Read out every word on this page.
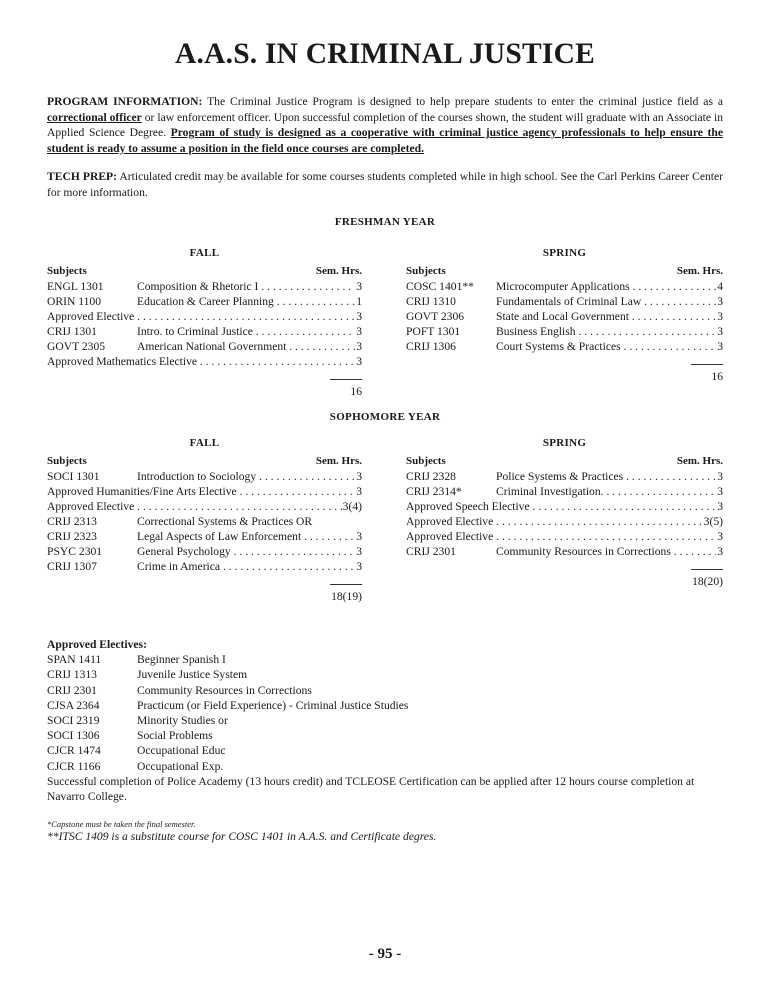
A.A.S. IN CRIMINAL JUSTICE
PROGRAM INFORMATION: The Criminal Justice Program is designed to help prepare students to enter the criminal justice field as a correctional officer or law enforcement officer. Upon successful completion of the courses shown, the student will graduate with an Associate in Applied Science Degree. Program of study is designed as a cooperative with criminal justice agency professionals to help ensure the student is ready to assume a position in the field once courses are completed.
TECH PREP: Articulated credit may be available for some courses students completed while in high school. See the Carl Perkins Career Center for more information.
FRESHMAN YEAR
FALL
Subjects	Sem. Hrs.
ENGL 1301	Composition & Rhetoric I . . .	3
ORIN 1100	Education & Career Planning . . .	1
Approved Elective . . .	3
CRIJ 1301	Intro. to Criminal Justice . . .	3
GOVT 2305	American National Government . . .	3
Approved Mathematics Elective . . .	3
16
SPRING
Subjects	Sem. Hrs.
COSC 1401**	Microcomputer Applications . . .	4
CRIJ 1310	Fundamentals of Criminal Law . . .	3
GOVT 2306	State and Local Government . . .	3
POFT 1301	Business English . . .	3
CRIJ 1306	Court Systems & Practices . . .	3
16
SOPHOMORE YEAR
FALL
Subjects	Sem. Hrs.
SOCI 1301	Introduction to Sociology . . .	3
Approved Humanities/Fine Arts Elective . . .	3
Approved Elective . . .	3(4)
CRIJ 2313	Correctional Systems & Practices OR
CRIJ 2323	Legal Aspects of Law Enforcement . . .	3
PSYC 2301	General Psychology . . .	3
CRIJ 1307	Crime in America . . .	3
18(19)
SPRING
Subjects	Sem. Hrs.
CRIJ 2328	Police Systems & Practices . . .	3
CRIJ 2314*	Criminal Investigation. . . .	3
Approved Speech Elective . . .	3
Approved Elective . . .	3(5)
Approved Elective . . .	3
CRIJ 2301	Community Resources in Corrections . . .	3
18(20)
Approved Electives:
SPAN 1411	Beginner Spanish I
CRIJ 1313	Juvenile Justice System
CRIJ 2301	Community Resources in Corrections
CJSA 2364	Practicum (or Field Experience) - Criminal Justice Studies
SOCI 2319	Minority Studies or
SOCI 1306	Social Problems
CJCR 1474	Occupational Educ
CJCR 1166	Occupational Exp.
Successful completion of Police Academy (13 hours credit) and TCLEOSE Certification can be applied after 12 hours course completion at Navarro College.
*Capstone must be taken the final semester.
**ITSC 1409 is a substitute course for COSC 1401 in A.A.S. and Certificate degres.
- 95 -
